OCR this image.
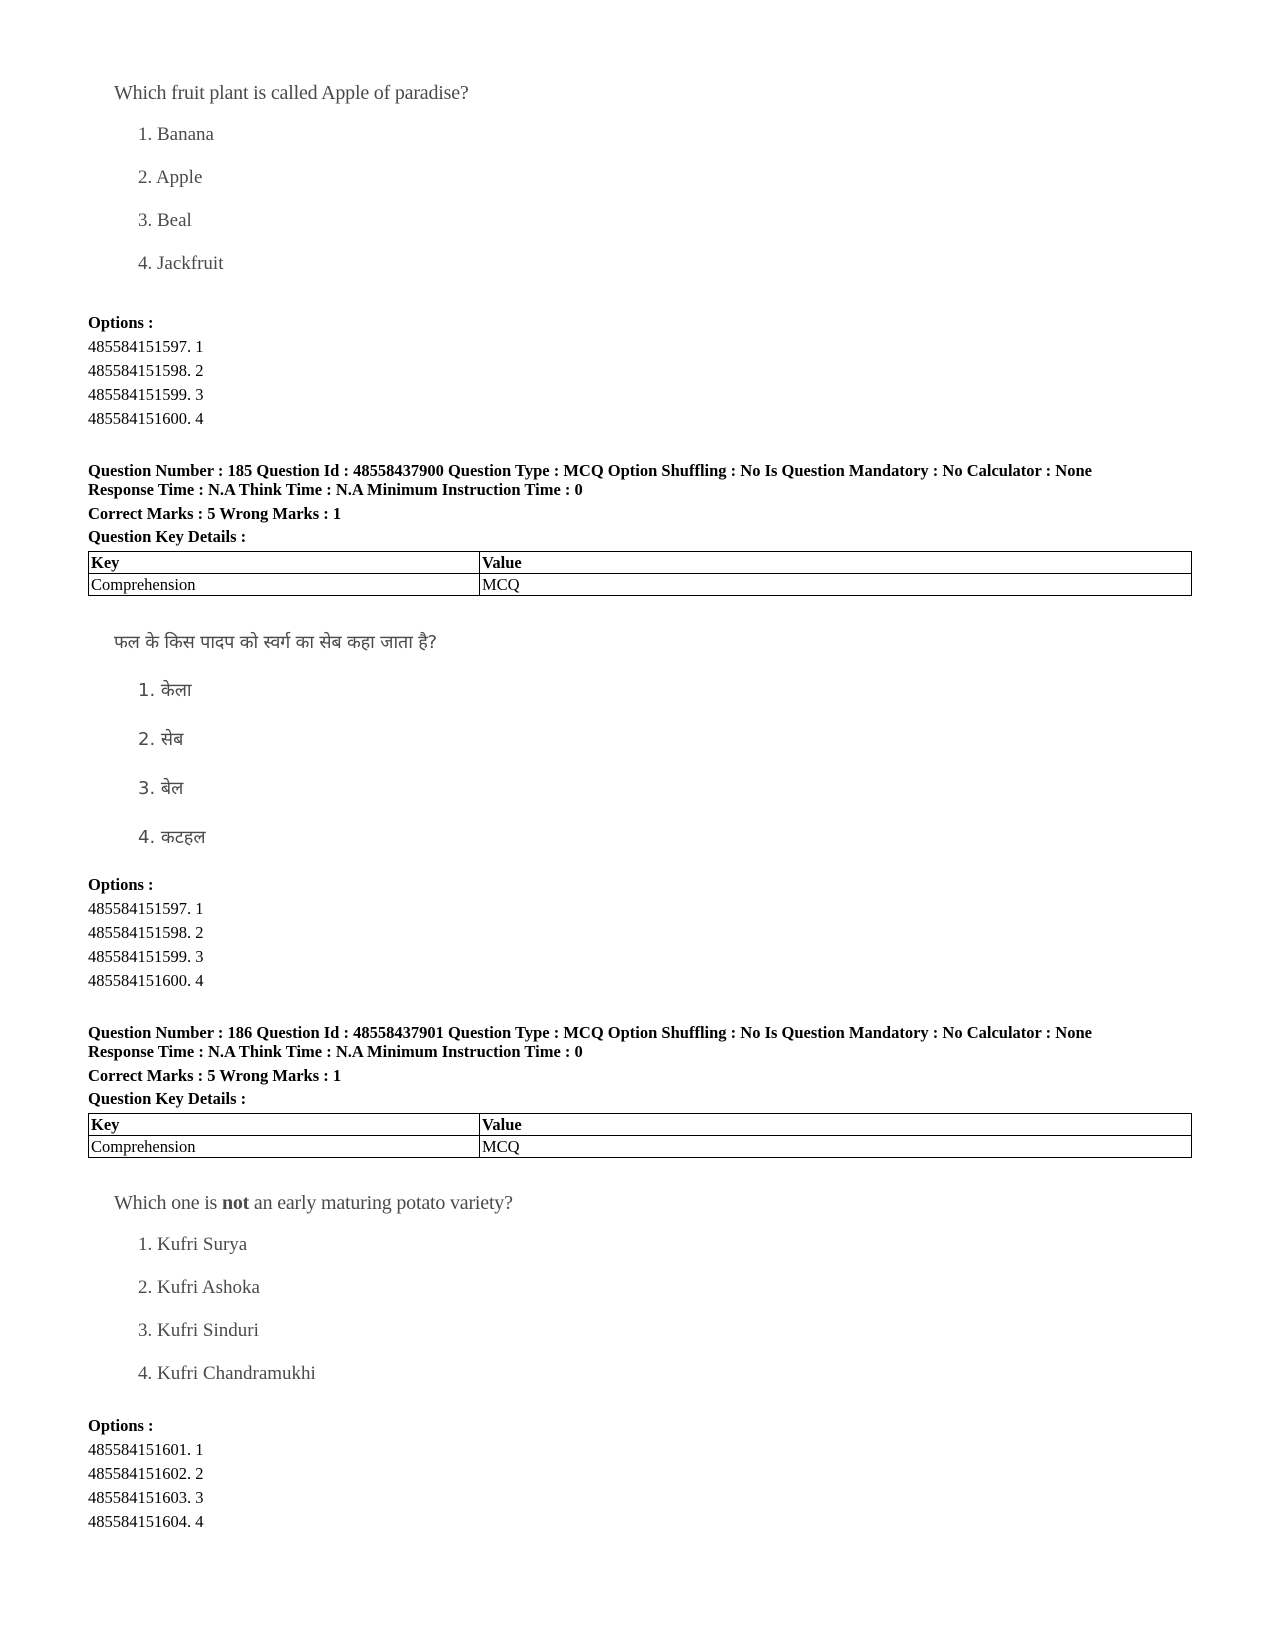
Which fruit plant is called Apple of paradise?
1. Banana
2. Apple
3. Beal
4. Jackfruit
Options :
485584151597. 1
485584151598. 2
485584151599. 3
485584151600. 4
Question Number : 185 Question Id : 48558437900 Question Type : MCQ Option Shuffling : No Is Question Mandatory : No Calculator : None
Response Time : N.A Think Time : N.A Minimum Instruction Time : 0
Correct Marks : 5 Wrong Marks : 1
Question Key Details :
Key	Value
Comprehension	MCQ
फल के किस पादप को स्वर्ग का सेब कहा जाता है?
1. केला
2. सेब
3. बेल
4. कटहल
Options :
485584151597. 1
485584151598. 2
485584151599. 3
485584151600. 4
Question Number : 186 Question Id : 48558437901 Question Type : MCQ Option Shuffling : No Is Question Mandatory : No Calculator : None
Response Time : N.A Think Time : N.A Minimum Instruction Time : 0
Correct Marks : 5 Wrong Marks : 1
Question Key Details :
Key	Value
Comprehension	MCQ
Which one is not an early maturing potato variety?
1. Kufri Surya
2. Kufri Ashoka
3. Kufri Sinduri
4. Kufri Chandramukhi
Options :
485584151601. 1
485584151602. 2
485584151603. 3
485584151604. 4
